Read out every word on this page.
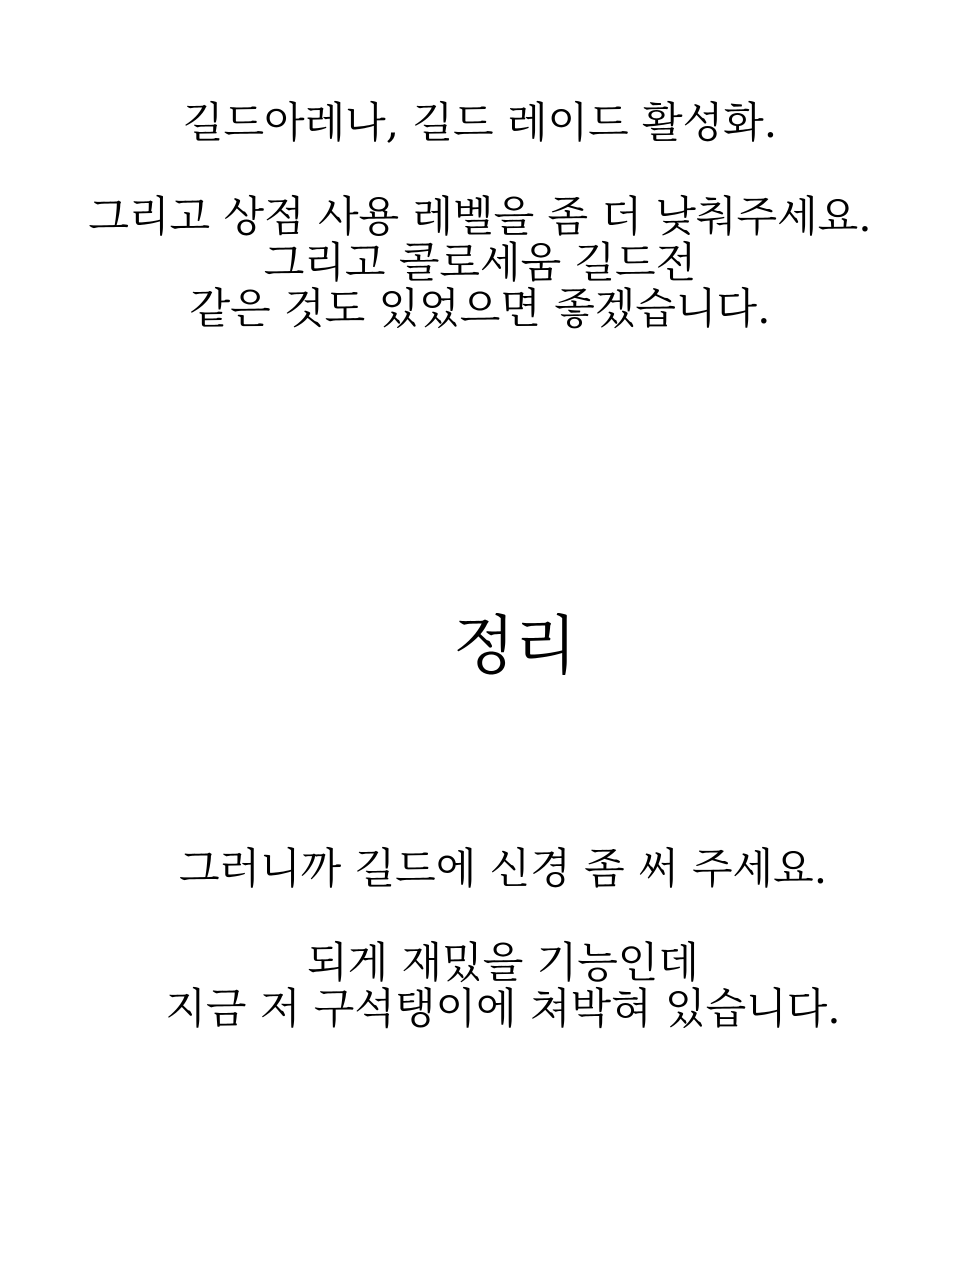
길드아레나, 길드 레이드 활성화.
그리고 상점 사용 레벨을 좀 더 낮춰주세요.
그리고 콜로세움 길드전
같은 것도 있었으면 좋겠습니다.
정리
그러니까 길드에 신경 좀 써 주세요.
되게 재밌을 기능인데
지금 저 구석탱이에 쳐박혀 있습니다.
